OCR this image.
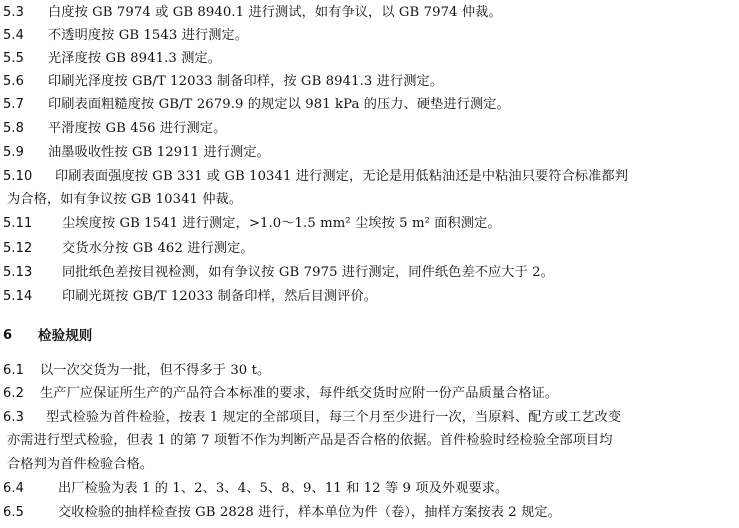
5.3 白度按 GB 7974 或 GB 8940.1 进行测试，如有争议，以 GB 7974 仲裁。
5.4 不透明度按 GB 1543 进行测定。
5.5 光泽度按 GB 8941.3 测定。
5.6 印刷光泽度按 GB/T 12033 制备印样，按 GB 8941.3 进行测定。
5.7 印刷表面粗糙度按 GB/T 2679.9 的规定以 981 kPa 的压力、硬垫进行测定。
5.8 平滑度按 GB 456 进行测定。
5.9 油墨吸收性按 GB 12911 进行测定。
5.10 印刷表面强度按 GB 331 或 GB 10341 进行测定，无论是用低粘油还是中粘油只要符合标准都判
为合格，如有争议按 GB 10341 仲裁。
5.11 尘埃度按 GB 1541 进行测定，>1.0～1.5 mm² 尘埃按 5 m² 面积测定。
5.12 交货水分按 GB 462 进行测定。
5.13 同批纸色差按目视检测，如有争议按 GB 7975 进行测定，同件纸色差不应大于 2。
5.14 印刷光斑按 GB/T 12033 制备印样，然后目测评价。
6 检验规则
6.1 以一次交货为一批，但不得多于 30 t。
6.2 生产厂应保证所生产的产品符合本标准的要求，每件纸交货时应附一份产品质量合格证。
6.3 型式检验为首件检验，按表 1 规定的全部项目，每三个月至少进行一次，当原料、配方或工艺改变
亦需进行型式检验，但表 1 的第 7 项暂不作为判断产品是否合格的依据。首件检验时经检验全部项目均
合格判为首件检验合格。
6.4	出厂检验为表 1 的 1、2、3、4、5、8、9、11 和 12 等 9 项及外观要求。
6.5	交收检验的抽样检查按 GB 2828 进行，样本单位为件（卷），抽样方案按表 2 规定。
